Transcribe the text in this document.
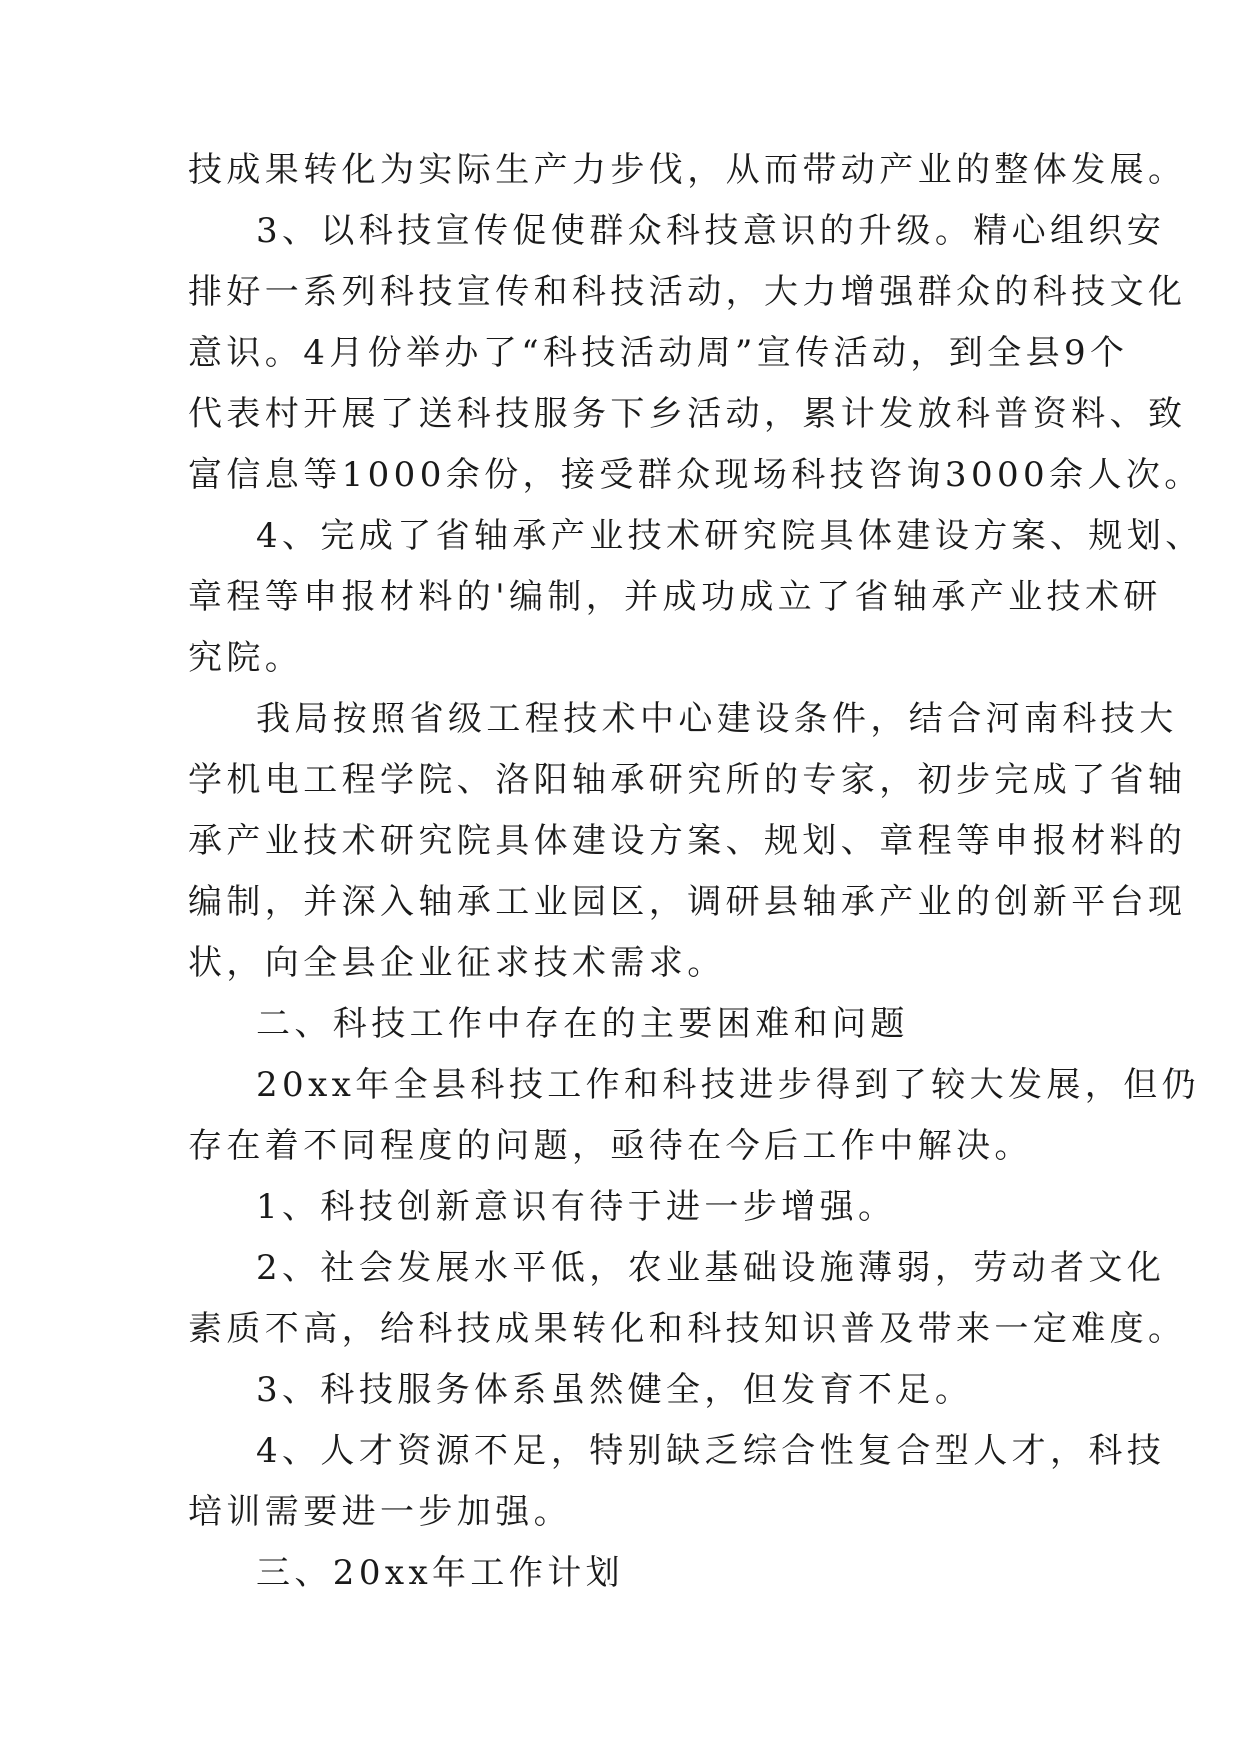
技成果转化为实际生产力步伐，从而带动产业的整体发展。

3、以科技宣传促使群众科技意识的升级。精心组织安

排好一系列科技宣传和科技活动，大力增强群众的科技文化

意识。4月份举办了“科技活动周”宣传活动，到全县9个

代表村开展了送科技服务下乡活动，累计发放科普资料、致

富信息等1000余份，接受群众现场科技咨询3000余人次。

4、完成了省轴承产业技术研究院具体建设方案、规划、

章程等申报材料的'编制，并成功成立了省轴承产业技术研

究院。

我局按照省级工程技术中心建设条件，结合河南科技大

学机电工程学院、洛阳轴承研究所的专家，初步完成了省轴

承产业技术研究院具体建设方案、规划、章程等申报材料的

编制，并深入轴承工业园区，调研县轴承产业的创新平台现

状，向全县企业征求技术需求。

二、科技工作中存在的主要困难和问题

20xx年全县科技工作和科技进步得到了较大发展，但仍

存在着不同程度的问题，亟待在今后工作中解决。

1、科技创新意识有待于进一步增强。

2、社会发展水平低，农业基础设施薄弱，劳动者文化

素质不高，给科技成果转化和科技知识普及带来一定难度。

3、科技服务体系虽然健全，但发育不足。

4、人才资源不足，特别缺乏综合性复合型人才，科技

培训需要进一步加强。

三、20xx年工作计划
